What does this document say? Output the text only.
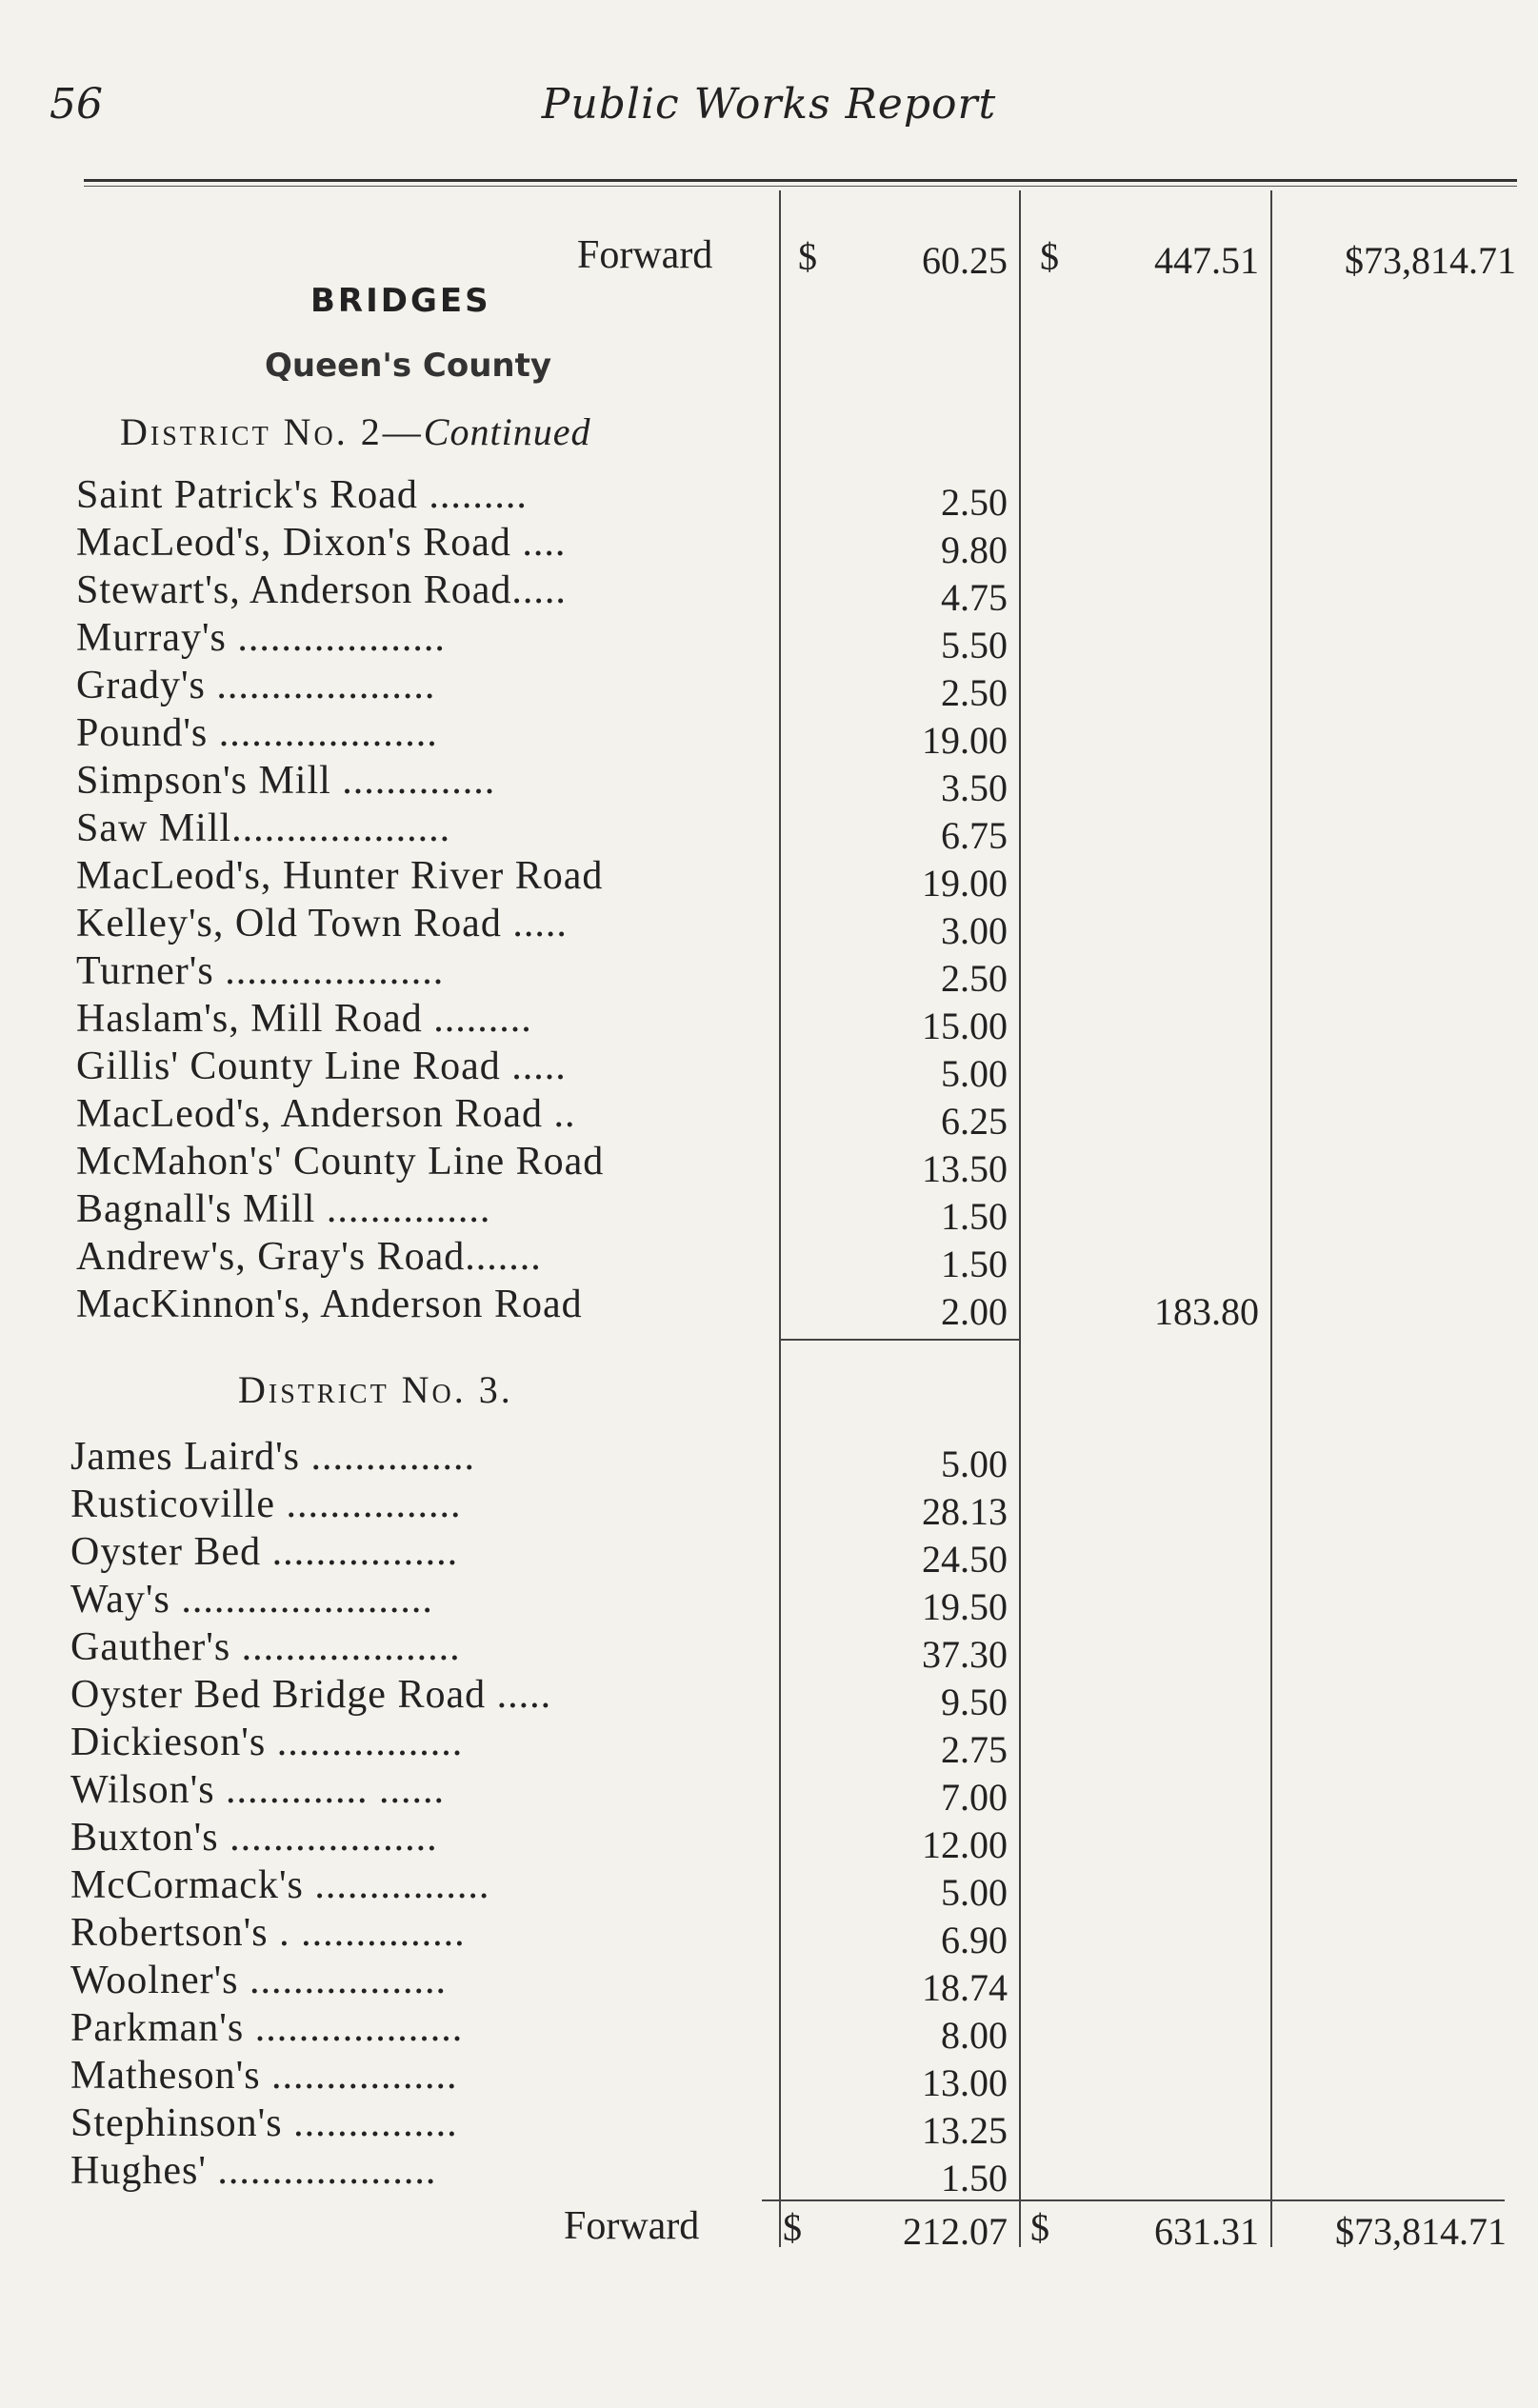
56	Public Works Report
Forward $	60.25 $	447.51	$73,814.71
BRIDGES
Queen's County
District No. 2—Continued
Saint Patrick's Road .........	2.50
MacLeod's, Dixon's Road ....	9.80
Stewart's, Anderson Road.....	4.75
Murray's ...................	5.50
Grady's ....................	2.50
Pound's ....................	19.00
Simpson's Mill ..............	3.50
Saw Mill....................	6.75
MacLeod's, Hunter River Road	19.00
Kelley's, Old Town Road .....	3.00
Turner's ....................	2.50
Haslam's, Mill Road .........	15.00
Gillis' County Line Road .....	5.00
MacLeod's, Anderson Road ..	6.25
McMahon's' County Line Road	13.50
Bagnall's Mill ...............	1.50
Andrew's, Gray's Road.......	1.50
MacKinnon's, Anderson Road	2.00	183.80
District No. 3.
James Laird's ...............	5.00
Rusticoville ................	28.13
Oyster Bed .................	24.50
Way's .......................	19.50
Gauther's ....................	37.30
Oyster Bed Bridge Road .....	9.50
Dickieson's .................	2.75
Wilson's ............. ......	7.00
Buxton's ...................	12.00
McCormack's ................	5.00
Robertson's . ...............	6.90
Woolner's ..................	18.74
Parkman's ...................	8.00
Matheson's .................	13.00
Stephinson's ...............	13.25
Hughes' ....................	1.50
Forward $	212.07 $	631.31	$73,814.71
